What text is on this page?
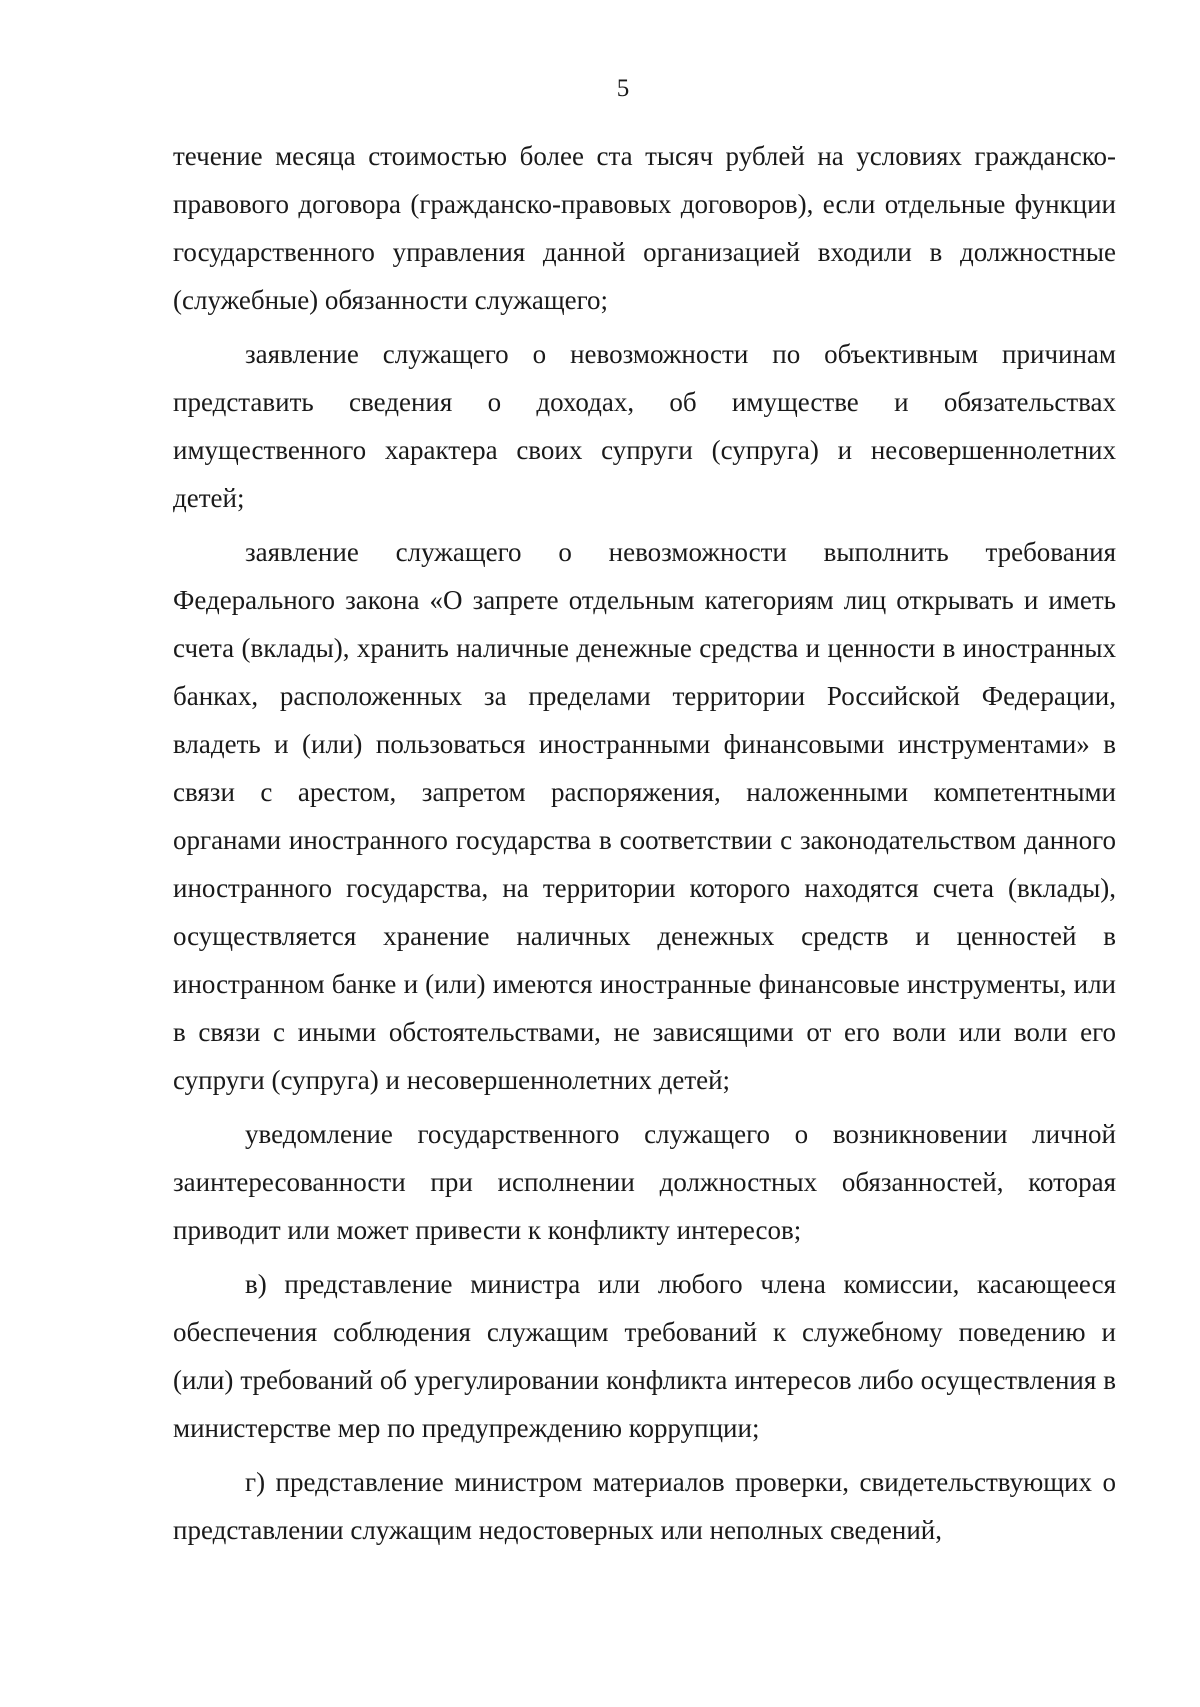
5

течение месяца стоимостью более ста тысяч рублей на условиях гражданско-правового договора (гражданско-правовых договоров), если отдельные функции государственного управления данной организацией входили в должностные (служебные) обязанности служащего;

заявление служащего о невозможности по объективным причинам представить сведения о доходах, об имуществе и обязательствах имущественного характера своих супруги (супруга) и несовершеннолетних детей;

заявление служащего о невозможности выполнить требования Федерального закона «О запрете отдельным категориям лиц открывать и иметь счета (вклады), хранить наличные денежные средства и ценности в иностранных банках, расположенных за пределами территории Российской Федерации, владеть и (или) пользоваться иностранными финансовыми инструментами» в связи с арестом, запретом распоряжения, наложенными компетентными органами иностранного государства в соответствии с законодательством данного иностранного государства, на территории которого находятся счета (вклады), осуществляется хранение наличных денежных средств и ценностей в иностранном банке и (или) имеются иностранные финансовые инструменты, или в связи с иными обстоятельствами, не зависящими от его воли или воли его супруги (супруга) и несовершеннолетних детей;

уведомление государственного служащего о возникновении личной заинтересованности при исполнении должностных обязанностей, которая приводит или может привести к конфликту интересов;

в) представление министра или любого члена комиссии, касающееся обеспечения соблюдения служащим требований к служебному поведению и (или) требований об урегулировании конфликта интересов либо осуществления в министерстве мер по предупреждению коррупции;

г) представление министром материалов проверки, свидетельствующих о представлении служащим недостоверных или неполных сведений,
